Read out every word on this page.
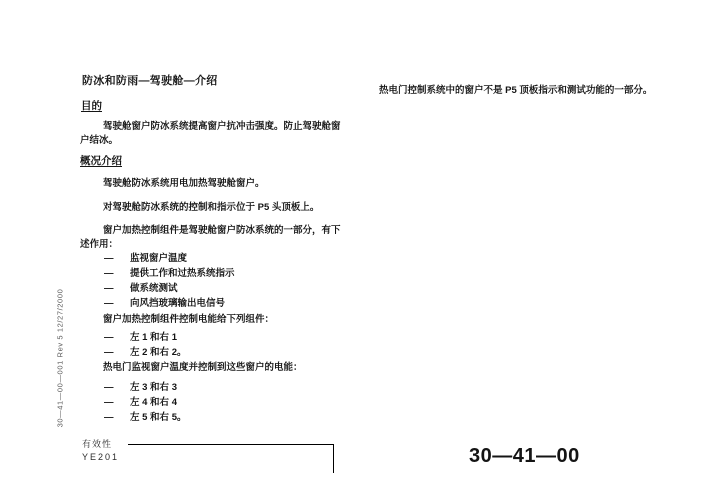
30—41—00—001 Rev 5 12/27/2000
防冰和防雨—驾驶舱—介绍
目的

驾驶舱窗户防冰系统提高窗户抗冲击强度。防止驾驶舱窗户结冰。

概况介绍

驾驶舱防冰系统用电加热驾驶舱窗户。

对驾驶舱防冰系统的控制和指示位于 P5 头顶板上。

窗户加热控制组件是驾驶舱窗户防冰系统的一部分，有下述作用：

—	监视窗户温度
—	提供工作和过热系统指示
—	做系统测试
—	向风挡玻璃输出电信号

窗户加热控制组件控制电能给下列组件：

—	左 1 和右 1
—	左 2 和右 2。

热电门监视窗户温度并控制到这些窗户的电能：

—	左 3 和右 3
—	左 4 和右 4
—	左 5 和右 5。

热电门控制系统中的窗户不是 P5 顶板指示和测试功能的一部分。

有效性
YE201	30—41—00
